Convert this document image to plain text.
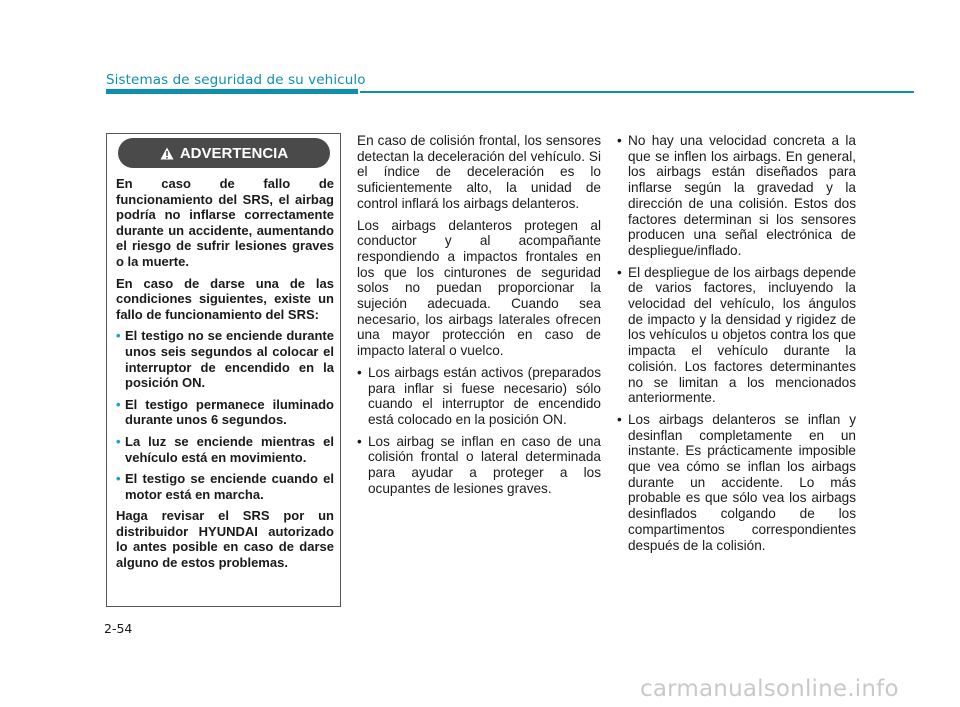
Sistemas de seguridad de su vehiculo
ADVERTENCIA

En caso de fallo de funcionamiento del SRS, el airbag podría no inflarse correctamente durante un accidente, aumentando el riesgo de sufrir lesiones graves o la muerte.

En caso de darse una de las condiciones siguientes, existe un fallo de funcionamiento del SRS:

• El testigo no se enciende durante unos seis segundos al colocar el interruptor de encendido en la posición ON.
• El testigo permanece iluminado durante unos 6 segundos.
• La luz se enciende mientras el vehículo está en movimiento.
• El testigo se enciende cuando el motor está en marcha.

Haga revisar el SRS por un distribuidor HYUNDAI autorizado lo antes posible en caso de darse alguno de estos problemas.

En caso de colisión frontal, los sensores detectan la deceleración del vehículo. Si el índice de deceleración es lo suficientemente alto, la unidad de control inflará los airbags delanteros.

Los airbags delanteros protegen al conductor y al acompañante respondiendo a impactos frontales en los que los cinturones de seguridad solos no puedan proporcionar la sujeción adecuada. Cuando sea necesario, los airbags laterales ofrecen una mayor protección en caso de impacto lateral o vuelco.

• Los airbags están activos (preparados para inflar si fuese necesario) sólo cuando el interruptor de encendido está colocado en la posición ON.
• Los airbag se inflan en caso de una colisión frontal o lateral determinada para ayudar a proteger a los ocupantes de lesiones graves.
• No hay una velocidad concreta a la que se inflen los airbags. En general, los airbags están diseñados para inflarse según la gravedad y la dirección de una colisión. Estos dos factores determinan si los sensores producen una señal electrónica de despliegue/inflado.
• El despliegue de los airbags depende de varios factores, incluyendo la velocidad del vehículo, los ángulos de impacto y la densidad y rigidez de los vehículos u objetos contra los que impacta el vehículo durante la colisión. Los factores determinantes no se limitan a los mencionados anteriormente.
• Los airbags delanteros se inflan y desinflan completamente en un instante. Es prácticamente imposible que vea cómo se inflan los airbags durante un accidente. Lo más probable es que sólo vea los airbags desinflados colgando de los compartimentos correspondientes después de la colisión.
2-54
carmanualsonline.info
